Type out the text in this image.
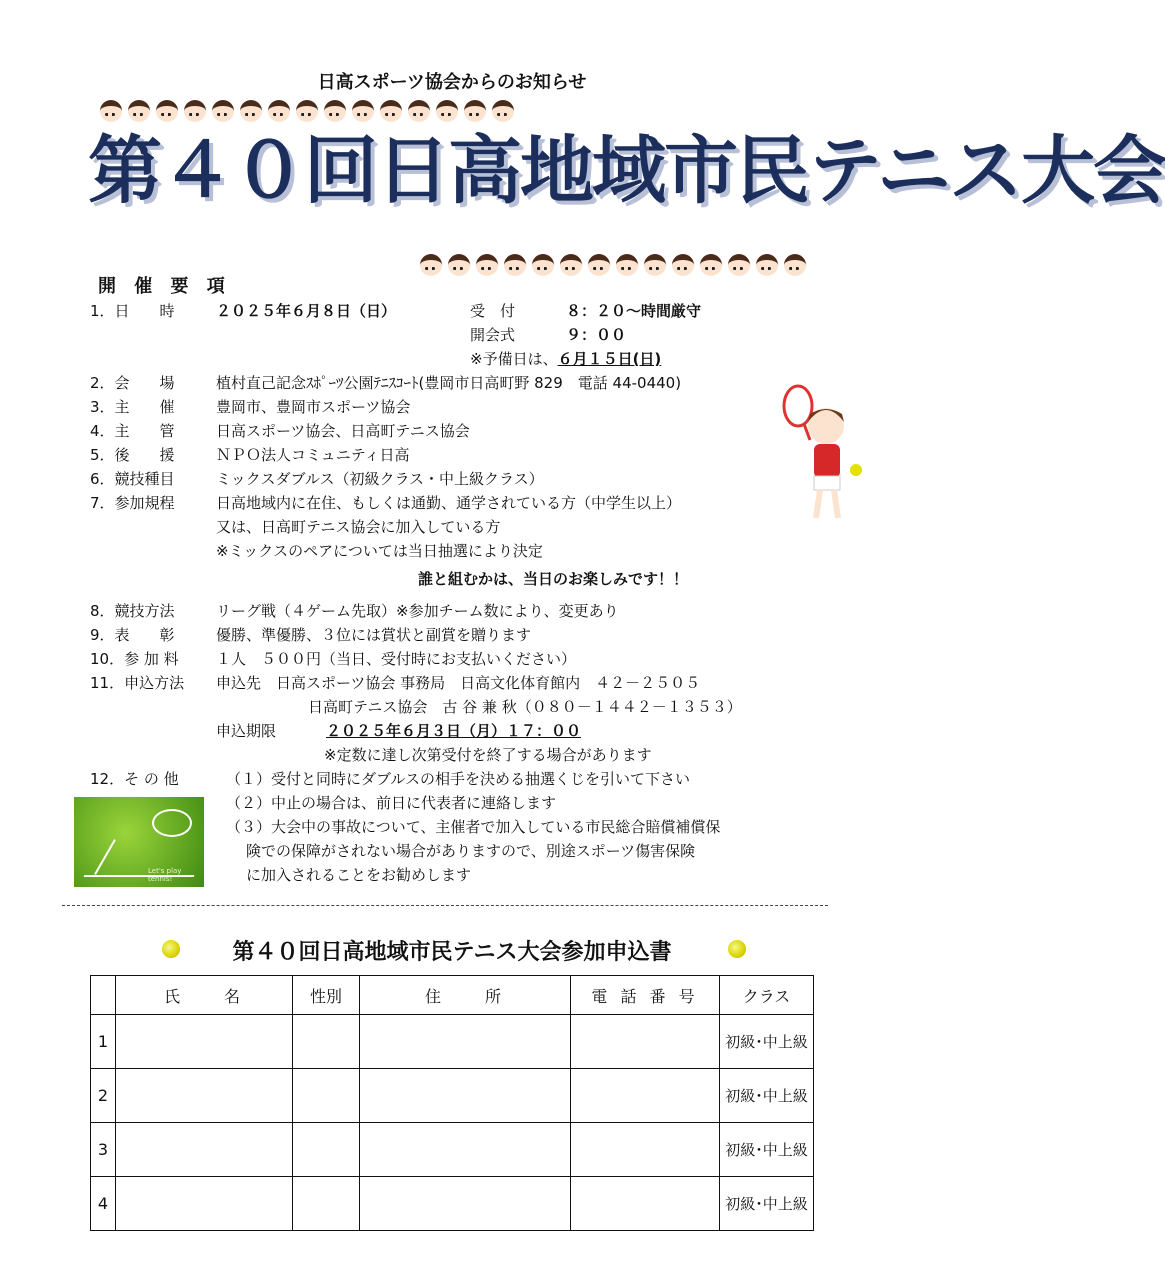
日高スポーツ協会からのお知らせ
第４０回日高地域市民テニス大会
開 催 要 項
1．日　　時	２０２５年６月８日（日）	受　付	８：２０～時間厳守
開会式	９：００
※予備日は、６月１５日(日)
2．会　　場	植村直己記念ｽﾎﾟｰﾂ公園ﾃﾆｽｺｰﾄ(豊岡市日高町野 829　電話 44-0440)
3．主　　催	豊岡市、豊岡市スポーツ協会
4．主　　管	日高スポーツ協会、日高町テニス協会
5．後　　援	ＮＰＯ法人コミュニティ日高
6．競技種目	ミックスダブルス（初級クラス・中上級クラス）
7．参加規程	日高地域内に在住、もしくは通勤、通学されている方（中学生以上）
又は、日高町テニス協会に加入している方
※ミックスのペアについては当日抽選により決定
誰と組むかは、当日のお楽しみです！！
8．競技方法	リーグ戦（４ゲーム先取）※参加チーム数により、変更あり
9．表　　彰	優勝、準優勝、３位には賞状と副賞を贈ります
10．参 加 料 １人　５００円（当日、受付時にお支払いください）
11．申込方法 申込先　日高スポーツ協会 事務局　日高文化体育館内　４２－２５０５
日高町テニス協会　古 谷 兼 秋（０８０－１４４２－１３５３）
申込期限	２０２５年６月３日（月）１７：００
※定数に達し次第受付を終了する場合があります
12．そ の 他	（１）受付と同時にダブルスの相手を決める抽選くじを引いて下さい
（２）中止の場合は、前日に代表者に連絡します
（３）大会中の事故について、主催者で加入している市民総合賠償補償保
険での保障がされない場合がありますので、別途スポーツ傷害保険
に加入されることをお勧めします
Let's play tennis!
第４０回日高地域市民テニス大会参加申込書
	氏　　名	性別	住　　所	電 話 番 号	クラス
1					初級･中上級
2					初級･中上級
3					初級･中上級
4					初級･中上級
